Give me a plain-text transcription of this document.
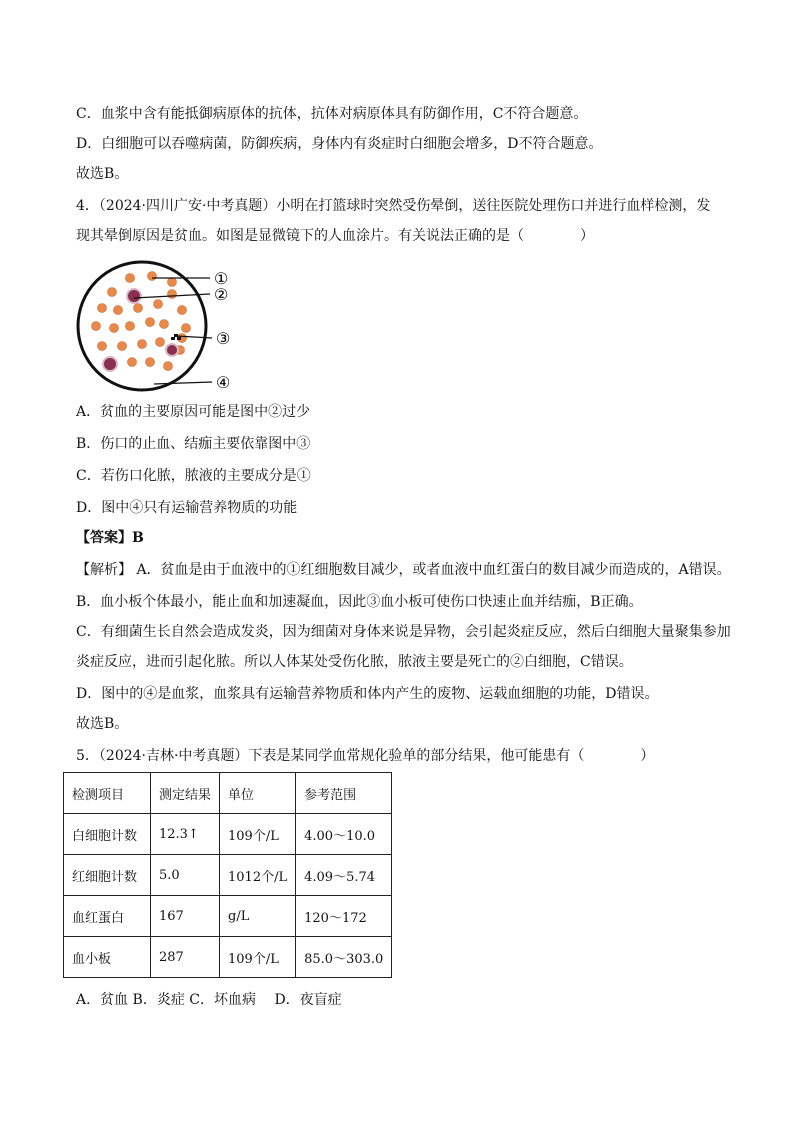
C．血浆中含有能抵御病原体的抗体，抗体对病原体具有防御作用，C不符合题意。
D．白细胞可以吞噬病菌，防御疾病，身体内有炎症时白细胞会增多，D不符合题意。
故选B。
4．（2024·四川广安·中考真题）小明在打篮球时突然受伤晕倒，送往医院处理伤口并进行血样检测，发
现其晕倒原因是贫血。如图是显微镜下的人血涂片。有关说法正确的是（　　　　）
①
②
③
④
A．贫血的主要原因可能是图中②过少
B．伤口的止血、结痂主要依靠图中③
C．若伤口化脓，脓液的主要成分是①
D．图中④只有运输营养物质的功能
【答案】B
【解析】 A．贫血是由于血液中的①红细胞数目减少，或者血液中血红蛋白的数目减少而造成的，A错误。
B．血小板个体最小，能止血和加速凝血，因此③血小板可使伤口快速止血并结痂，B正确。
C．有细菌生长自然会造成发炎，因为细菌对身体来说是异物，会引起炎症反应，然后白细胞大量聚集参加
炎症反应，进而引起化脓。所以人体某处受伤化脓，脓液主要是死亡的②白细胞，C错误。
D．图中的④是血浆，血浆具有运输营养物质和体内产生的废物、运载血细胞的功能，D错误。
故选B。
5．（2024·吉林·中考真题）下表是某同学血常规化验单的部分结果，他可能患有（　　　　）
检测项目	测定结果	单位	参考范围
白细胞计数	12.3↑	109个/L	4.00～10.0
红细胞计数	5.0	1012个/L	4.09～5.74
血红蛋白	167	g/L	120～172
血小板	287	109个/L	85.0～303.0
A．贫血 B．炎症 C．坏血病　 D．夜盲症
